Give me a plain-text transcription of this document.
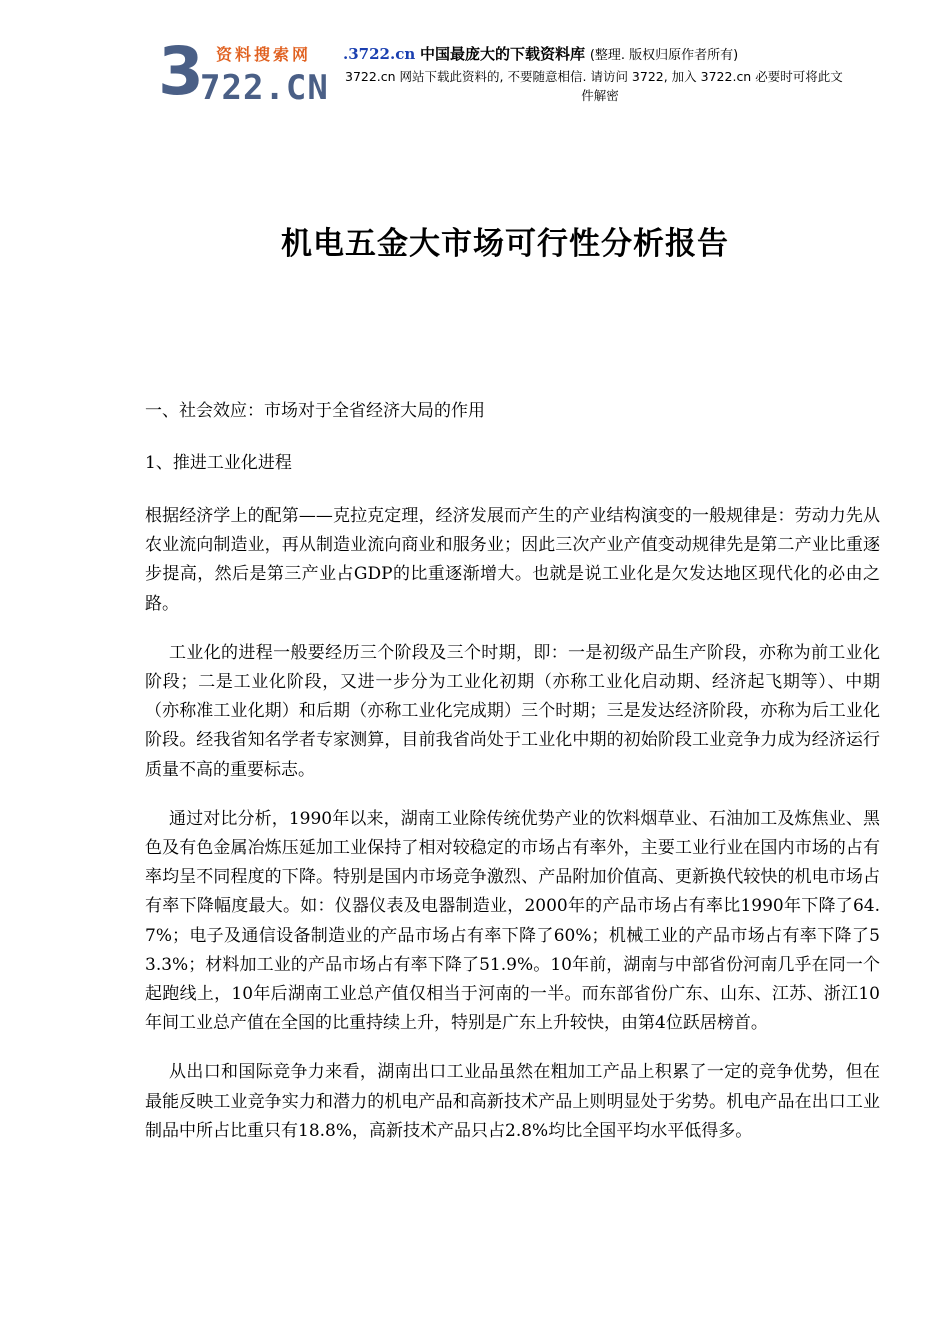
3 资料搜索网
722.CN
.3722.cn 中国最庞大的下载资料库 (整理. 版权归原作者所有)
3722.cn 网站下载此资料的, 不要随意相信. 请访问 3722, 加入 3722.cn 必要时可将此文
件解密
机电五金大市场可行性分析报告

一、社会效应：市场对于全省经济大局的作用

1、推进工业化进程

根据经济学上的配第——克拉克定理，经济发展而产生的产业结构演变的一般规律是：劳动力先从农业流向制造业，再从制造业流向商业和服务业；因此三次产业产值变动规律先是第二产业比重逐步提高，然后是第三产业占GDP的比重逐渐增大。也就是说工业化是欠发达地区现代化的必由之路。

工业化的进程一般要经历三个阶段及三个时期，即：一是初级产品生产阶段，亦称为前工业化阶段；二是工业化阶段，又进一步分为工业化初期（亦称工业化启动期、经济起飞期等）、中期（亦称准工业化期）和后期（亦称工业化完成期）三个时期；三是发达经济阶段，亦称为后工业化阶段。经我省知名学者专家测算，目前我省尚处于工业化中期的初始阶段工业竞争力成为经济运行质量不高的重要标志。

通过对比分析，1990年以来，湖南工业除传统优势产业的饮料烟草业、石油加工及炼焦业、黑色及有色金属冶炼压延加工业保持了相对较稳定的市场占有率外，主要工业行业在国内市场的占有率均呈不同程度的下降。特别是国内市场竞争激烈、产品附加价值高、更新换代较快的机电市场占有率下降幅度最大。如：仪器仪表及电器制造业，2000年的产品市场占有率比1990年下降了64.7%；电子及通信设备制造业的产品市场占有率下降了60%；机械工业的产品市场占有率下降了53.3%；材料加工业的产品市场占有率下降了51.9%。10年前，湖南与中部省份河南几乎在同一个起跑线上，10年后湖南工业总产值仅相当于河南的一半。而东部省份广东、山东、江苏、浙江10年间工业总产值在全国的比重持续上升，特别是广东上升较快，由第4位跃居榜首。

从出口和国际竞争力来看，湖南出口工业品虽然在粗加工产品上积累了一定的竞争优势，但在最能反映工业竞争实力和潜力的机电产品和高新技术产品上则明显处于劣势。机电产品在出口工业制品中所占比重只有18.8%，高新技术产品只占2.8%均比全国平均水平低得多。
